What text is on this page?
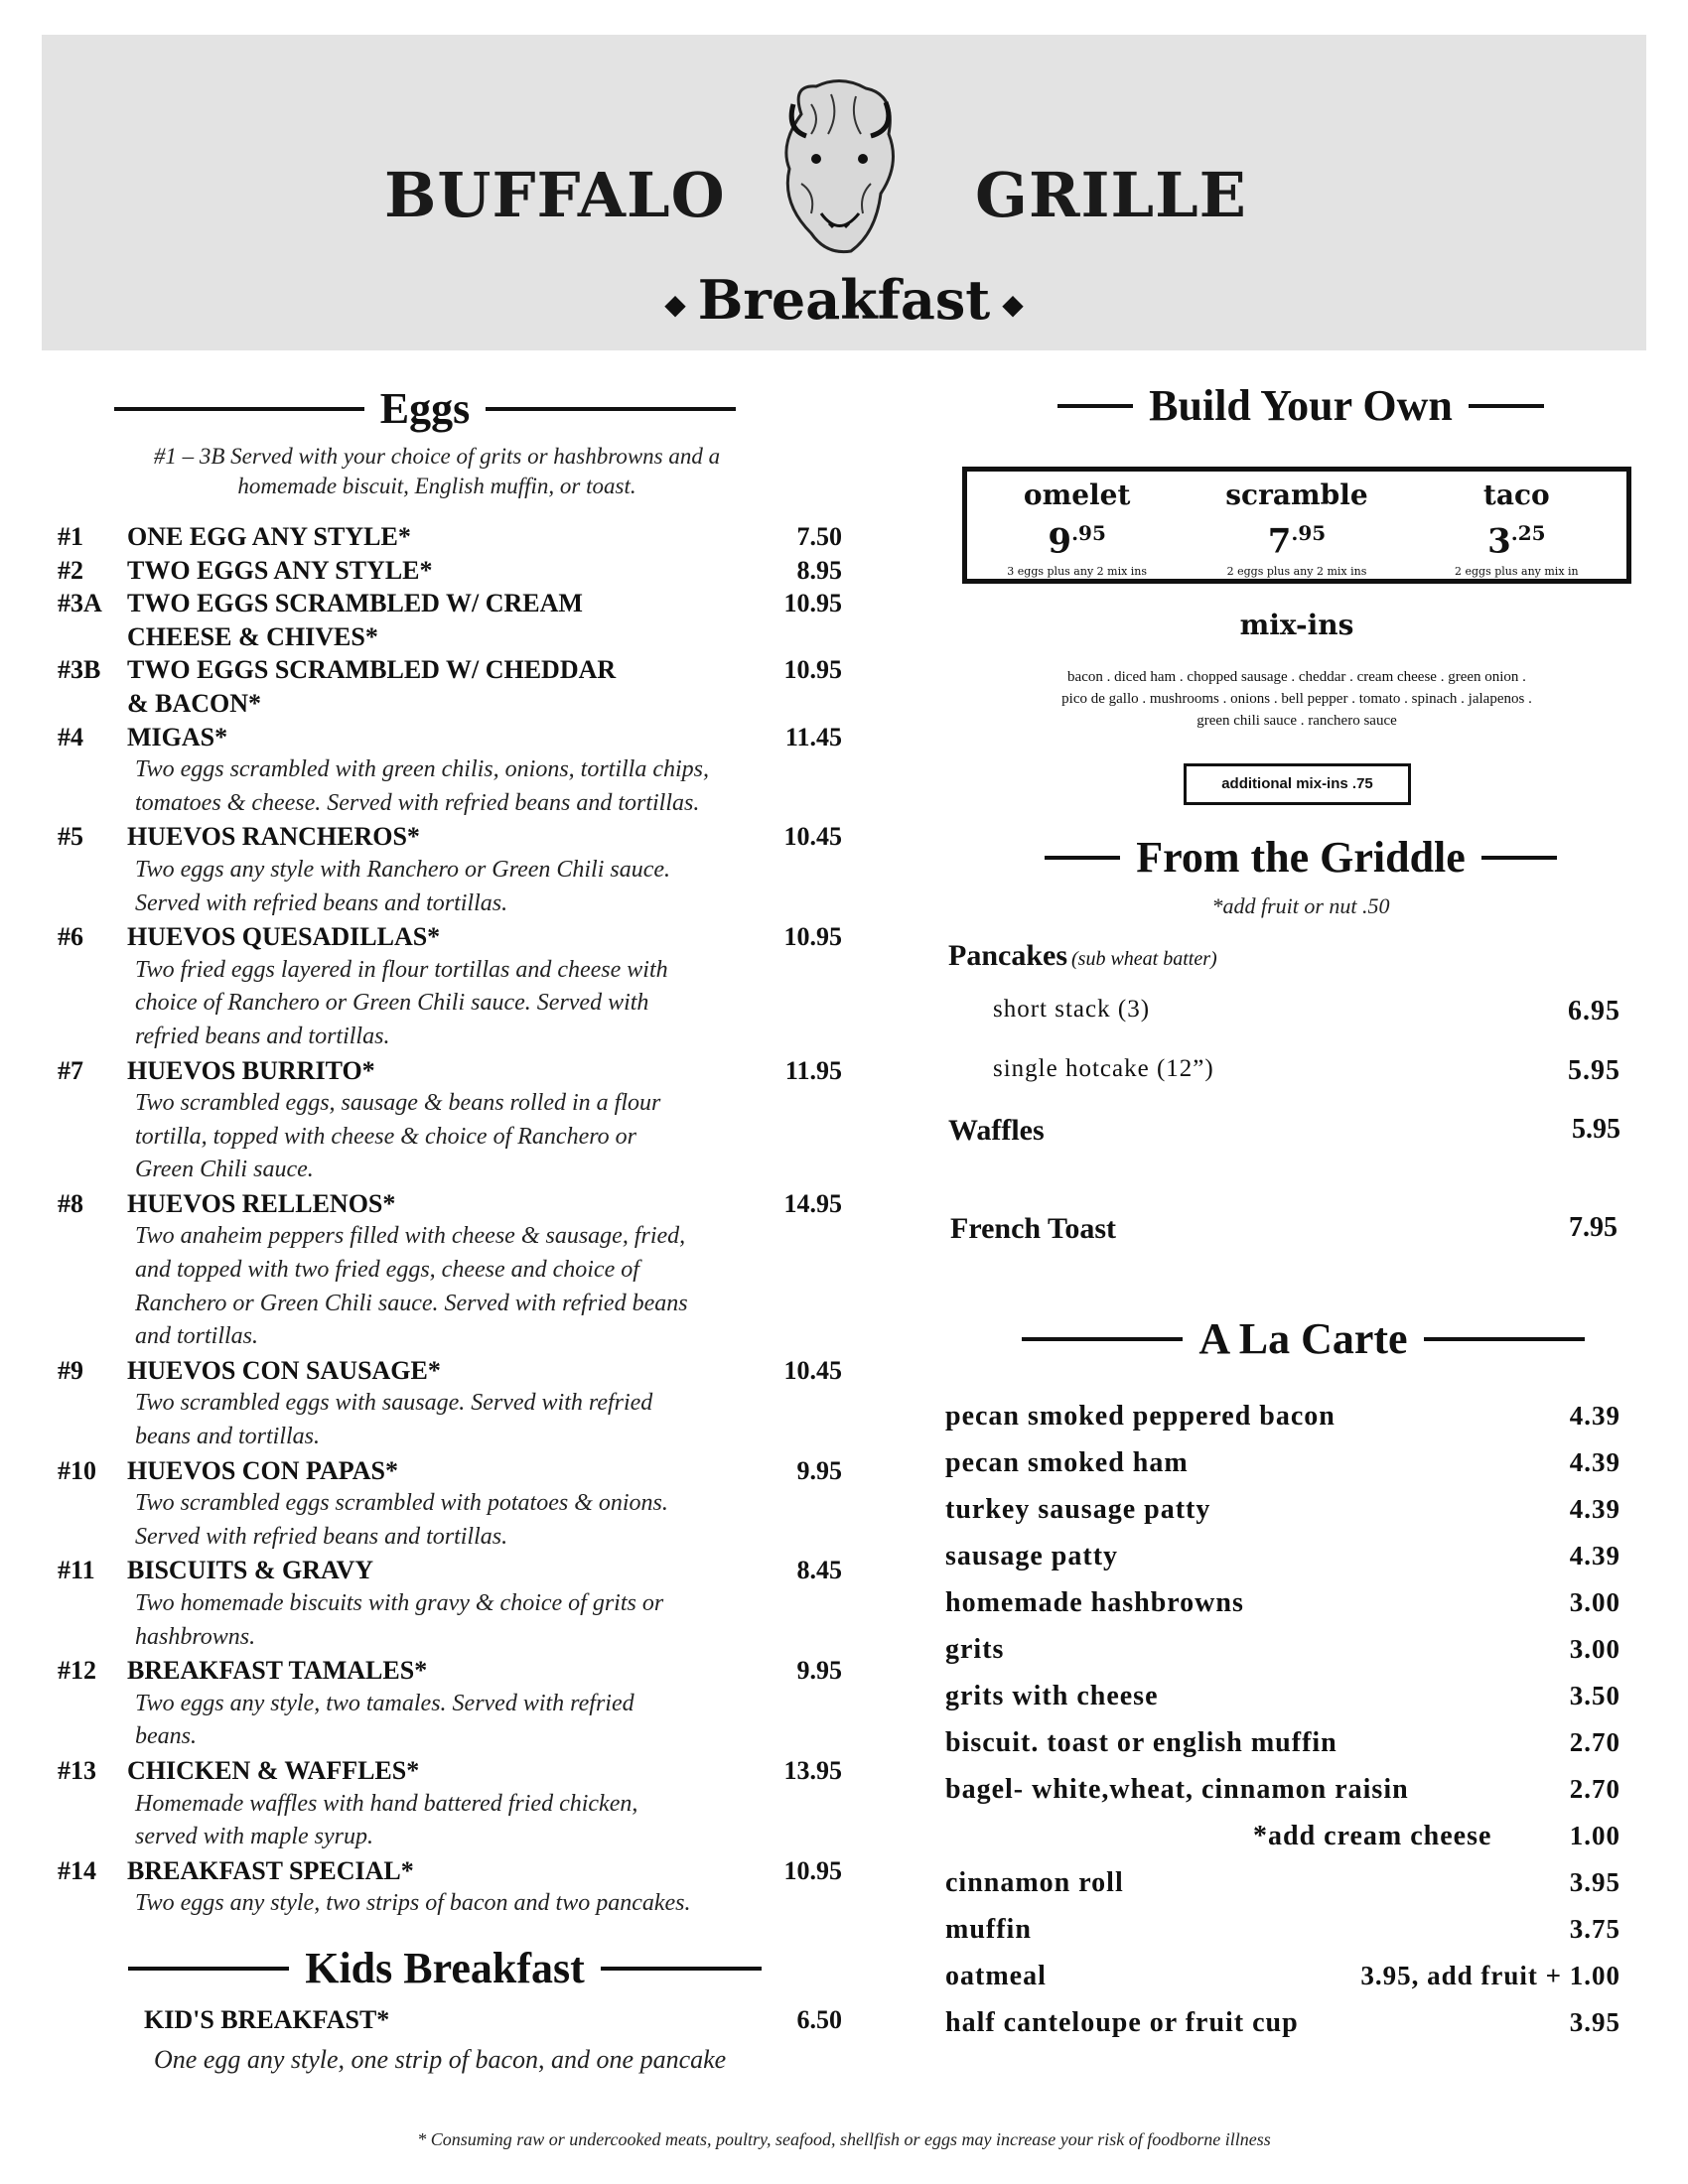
BUFFALO	GRILLE
◆ Breakfast ◆
Eggs
#1 – 3B Served with your choice of grits or hashbrowns and a
homemade biscuit, English muffin, or toast.
#1	ONE EGG ANY STYLE*	7.50
#2	TWO EGGS ANY STYLE*	8.95
#3A TWO EGGS SCRAMBLED W/ CREAM	10.95
CHEESE & CHIVES*
#3B	TWO EGGS SCRAMBLED W/ CHEDDAR	10.95
& BACON*
#4	MIGAS*	11.45
Two eggs scrambled with green chilis, onions, tortilla chips,
tomatoes & cheese. Served with refried beans and tortillas.
#5	HUEVOS RANCHEROS*	10.45
Two eggs any style with Ranchero or Green Chili sauce.
Served with refried beans and tortillas.
#6	HUEVOS QUESADILLAS*	10.95
Two fried eggs layered in flour tortillas and cheese with
choice of Ranchero or Green Chili sauce. Served with
refried beans and tortillas.
#7	HUEVOS BURRITO*	11.95
Two scrambled eggs, sausage & beans rolled in a flour
tortilla, topped with cheese & choice of Ranchero or
Green Chili sauce.
#8	HUEVOS RELLENOS*	14.95
Two anaheim peppers filled with cheese & sausage, fried,
and topped with two fried eggs, cheese and choice of
Ranchero or Green Chili sauce. Served with refried beans
and tortillas.
#9	HUEVOS CON SAUSAGE*	10.45
Two scrambled eggs with sausage. Served with refried
beans and tortillas.
#10	HUEVOS CON PAPAS*	9.95
Two scrambled eggs scrambled with potatoes & onions.
Served with refried beans and tortillas.
#11	BISCUITS & GRAVY	8.45
Two homemade biscuits with gravy & choice of grits or
hashbrowns.
#12	BREAKFAST TAMALES*	9.95
Two eggs any style, two tamales. Served with refried
beans.
#13	CHICKEN & WAFFLES*	13.95
Homemade waffles with hand battered fried chicken,
served with maple syrup.
#14	BREAKFAST SPECIAL*	10.95
Two eggs any style, two strips of bacon and two pancakes.
Kids Breakfast
KID'S BREAKFAST*	6.50
One egg any style, one strip of bacon, and one pancake
Build Your Own
omelet
$9^{.95}$
3 eggs plus any 2 mix ins
scramble
$7^{.95}$
2 eggs plus any 2 mix ins
taco
$3^{.25}$
2 eggs plus any mix in
mix-ins
bacon . diced ham . chopped sausage . cheddar . cream cheese . green onion .
pico de gallo . mushrooms . onions . bell pepper . tomato . spinach . jalapenos .
green chili sauce . ranchero sauce
additional mix-ins .75
From the Griddle
*add fruit or nut .50
Pancakes (sub wheat batter)
short stack (3)	6.95
single hotcake (12”)	5.95
Waffles	5.95
French Toast	7.95
A La Carte
pecan smoked peppered bacon	4.39
pecan smoked ham	4.39
turkey sausage patty	4.39
sausage patty	4.39
homemade hashbrowns	3.00
grits	3.00
grits with cheese	3.50
biscuit. toast or english muffin	2.70
bagel- white,wheat, cinnamon raisin	2.70
*add cream cheese	1.00
cinnamon roll	3.95
muffin	3.75
oatmeal	3.95, add fruit + 1.00
half canteloupe or fruit cup	3.95
* Consuming raw or undercooked meats, poultry, seafood, shellfish or eggs may increase your risk of foodborne illness
